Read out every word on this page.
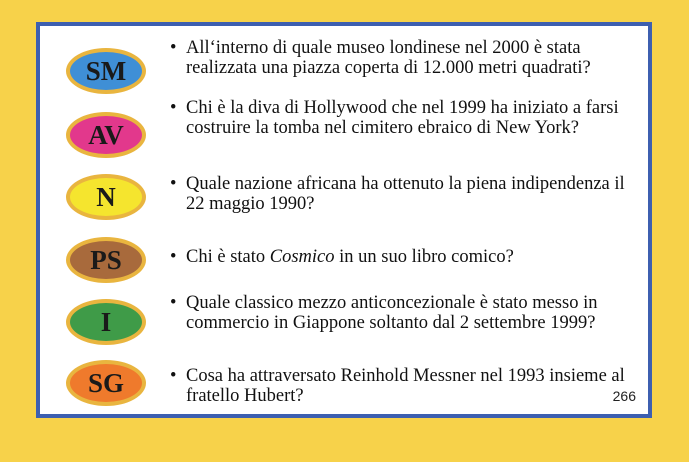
SM
• All‘interno di quale museo londinese nel 2000 è stata realizzata una piazza coperta di 12.000 metri quadrati?
AV
• Chi è la diva di Hollywood che nel 1999 ha iniziato a farsi costruire la tomba nel cimitero ebraico di New York?
N	• Quale nazione africana ha ottenuto la piena indipendenza il 22 maggio 1990?
PS	• Chi è stato Cosmico in un suo libro comico?
I
• Quale classico mezzo anticoncezionale è stato messo in commercio in Giappone soltanto dal 2 settembre 1999?
SG	• Cosa ha attraversato Reinhold Messner nel 1993 insieme al fratello Hubert?	266
